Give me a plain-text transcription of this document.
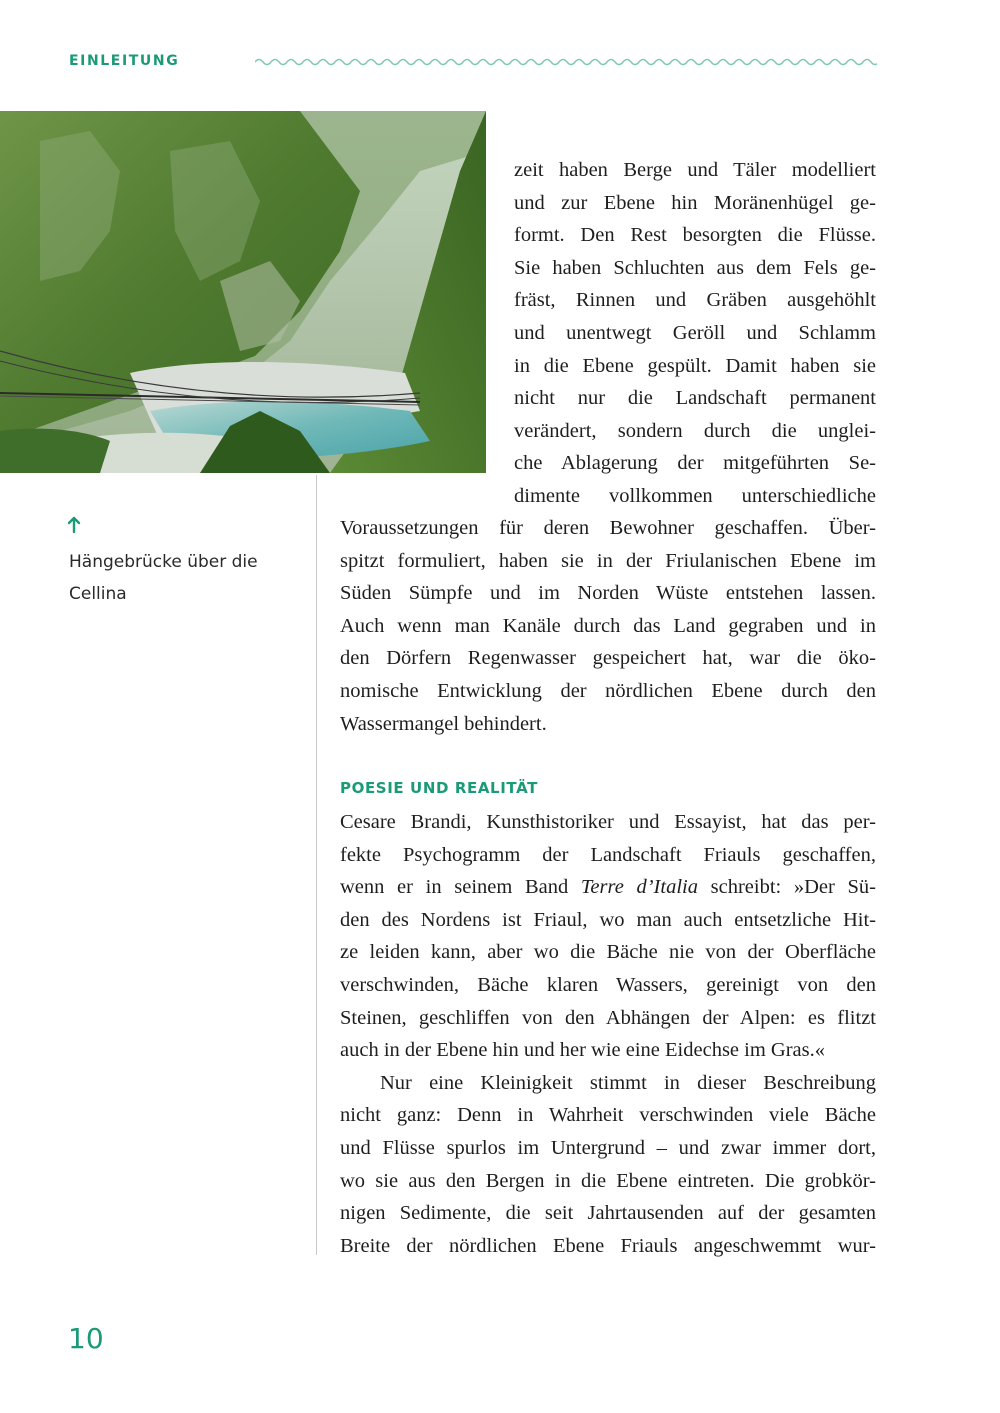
EINLEITUNG
Hängebrücke über die
Cellina
zeit haben Berge und Täler modelliert
und zur Ebene hin Moränenhügel ge-
formt. Den Rest besorgten die Flüsse.
Sie haben Schluchten aus dem Fels ge-
fräst, Rinnen und Gräben ausgehöhlt
und unentwegt Geröll und Schlamm
in die Ebene gespült. Damit haben sie
nicht nur die Landschaft permanent
verändert, sondern durch die unglei-
che Ablagerung der mitgeführten Se-
dimente vollkommen unterschiedliche
Voraussetzungen für deren Bewohner geschaffen. Über-
spitzt formuliert, haben sie in der Friulanischen Ebene im
Süden Sümpfe und im Norden Wüste entstehen lassen.
Auch wenn man Kanäle durch das Land gegraben und in
den Dörfern Regenwasser gespeichert hat, war die öko-
nomische Entwicklung der nördlichen Ebene durch den
Wassermangel behindert.
POESIE UND REALITÄT
Cesare Brandi, Kunsthistoriker und Essayist, hat das per-
fekte Psychogramm der Landschaft Friauls geschaffen,
wenn er in seinem Band Terre d’Italia schreibt: »Der Sü-
den des Nordens ist Friaul, wo man auch entsetzliche Hit-
ze leiden kann, aber wo die Bäche nie von der Oberfläche
verschwinden, Bäche klaren Wassers, gereinigt von den
Steinen, geschliffen von den Abhängen der Alpen: es flitzt
auch in der Ebene hin und her wie eine Eidechse im Gras.«
Nur eine Kleinigkeit stimmt in dieser Beschreibung
nicht ganz: Denn in Wahrheit verschwinden viele Bäche
und Flüsse spurlos im Untergrund – und zwar immer dort,
wo sie aus den Bergen in die Ebene eintreten. Die grobkör-
nigen Sedimente, die seit Jahrtausenden auf der gesamten
Breite der nördlichen Ebene Friauls angeschwemmt wur-
10
